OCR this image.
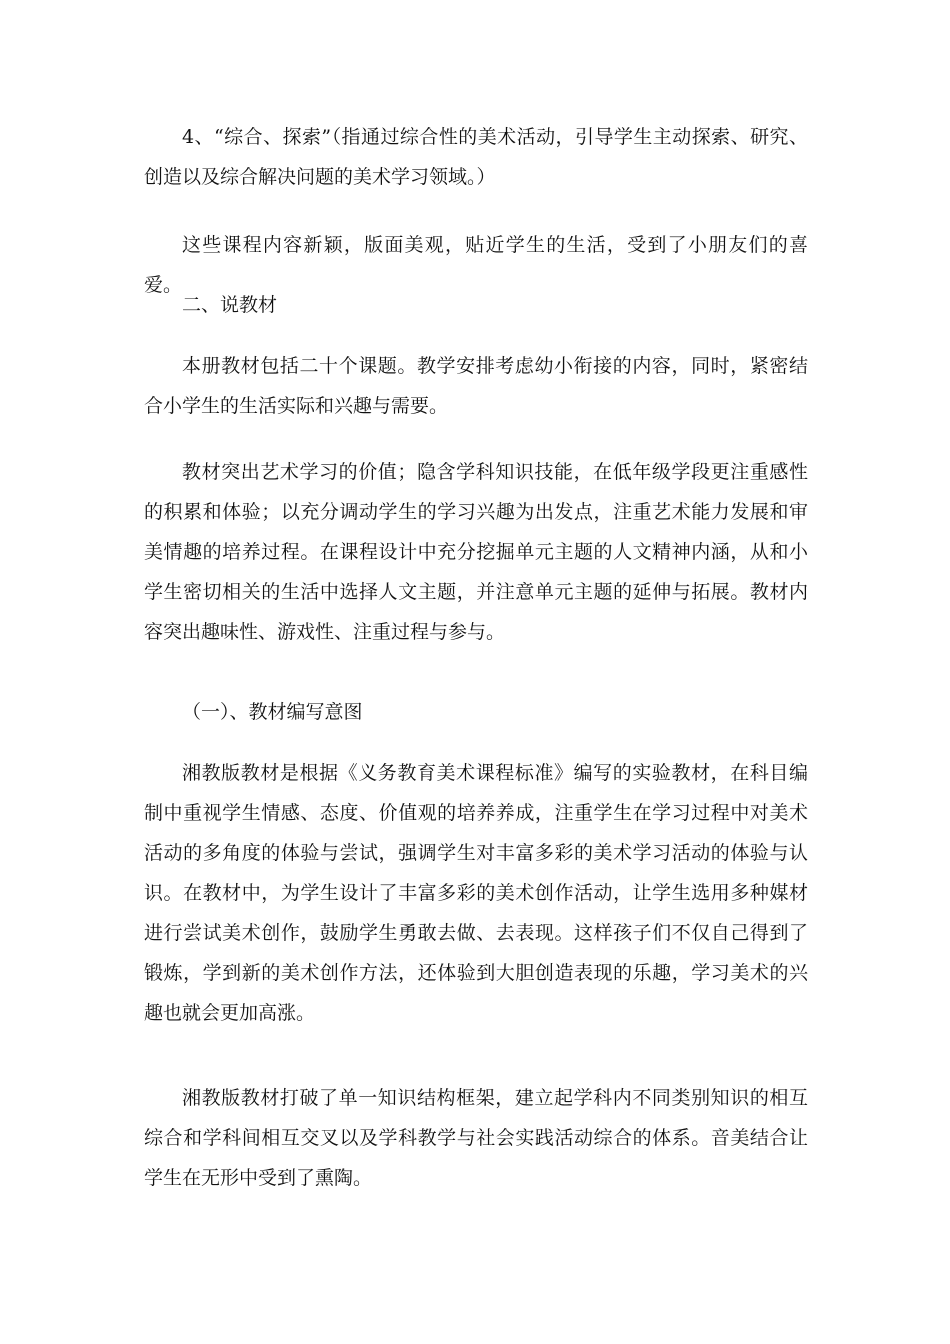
4、“综合、探索”（指通过综合性的美术活动，引导学生主动探索、研究、创造以及综合解决问题的美术学习领域。）

这些课程内容新颖，版面美观，贴近学生的生活，受到了小朋友们的喜爱。

二、说教材

本册教材包括二十个课题。教学安排考虑幼小衔接的内容，同时，紧密结合小学生的生活实际和兴趣与需要。

教材突出艺术学习的价值；隐含学科知识技能，在低年级学段更注重感性的积累和体验；以充分调动学生的学习兴趣为出发点，注重艺术能力发展和审美情趣的培养过程。在课程设计中充分挖掘单元主题的人文精神内涵，从和小学生密切相关的生活中选择人文主题，并注意单元主题的延伸与拓展。教材内容突出趣味性、游戏性、注重过程与参与。

（一）、教材编写意图

湘教版教材是根据《义务教育美术课程标准》编写的实验教材，在科目编制中重视学生情感、态度、价值观的培养养成，注重学生在学习过程中对美术活动的多角度的体验与尝试，强调学生对丰富多彩的美术学习活动的体验与认识。在教材中，为学生设计了丰富多彩的美术创作活动，让学生选用多种媒材进行尝试美术创作，鼓励学生勇敢去做、去表现。这样孩子们不仅自己得到了锻炼，学到新的美术创作方法，还体验到大胆创造表现的乐趣，学习美术的兴趣也就会更加高涨。

湘教版教材打破了单一知识结构框架，建立起学科内不同类别知识的相互综合和学科间相互交叉以及学科教学与社会实践活动综合的体系。音美结合让学生在无形中受到了熏陶。
